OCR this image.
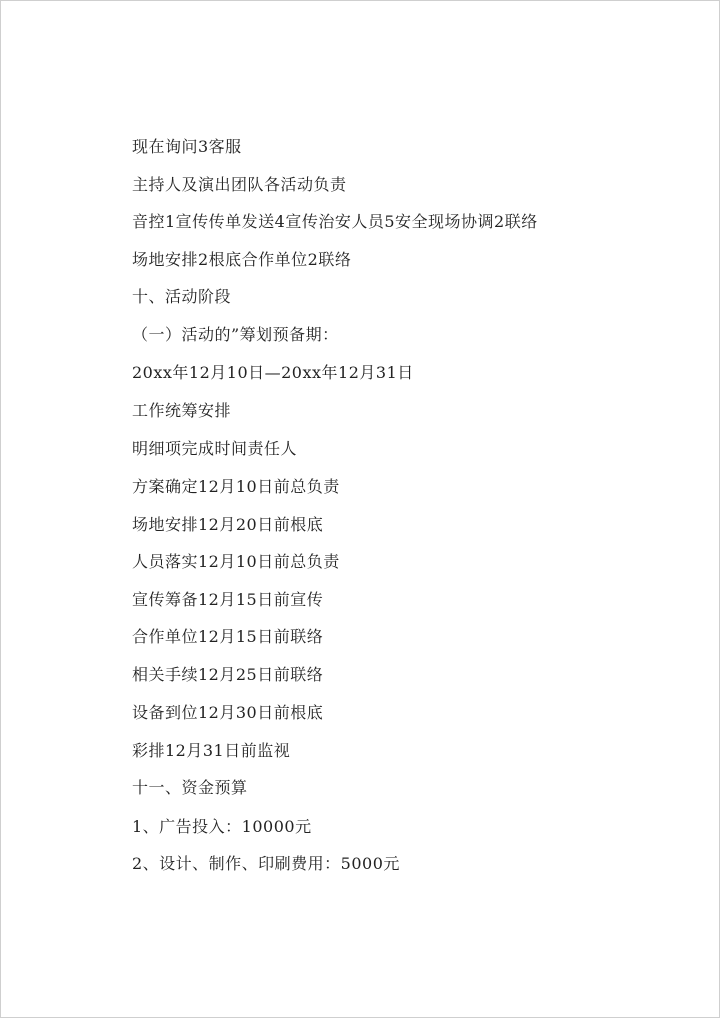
现在询问3客服
主持人及演出团队各活动负责
音控1宣传传单发送4宣传治安人员5安全现场协调2联络
场地安排2根底合作单位2联络
十、活动阶段
（一）活动的”筹划预备期：
20xx年12月10日—20xx年12月31日
工作统筹安排
明细项完成时间责任人
方案确定12月10日前总负责
场地安排12月20日前根底
人员落实12月10日前总负责
宣传筹备12月15日前宣传
合作单位12月15日前联络
相关手续12月25日前联络
设备到位12月30日前根底
彩排12月31日前监视
十一、资金预算
1、广告投入：10000元
2、设计、制作、印刷费用：5000元
